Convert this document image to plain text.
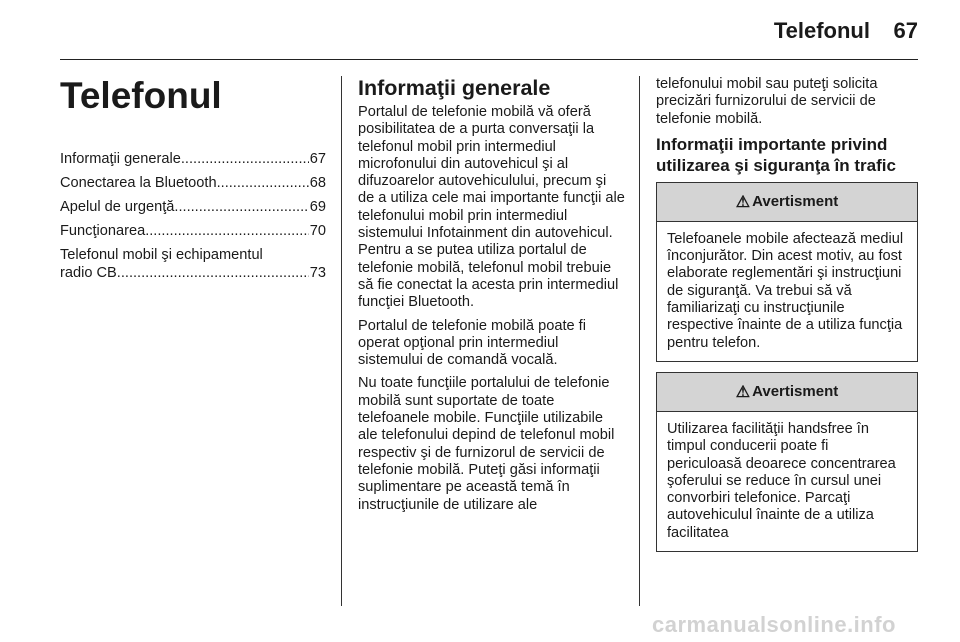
Telefonul 67
Telefonul
Informaţii generale .....	67
Conectarea la Bluetooth .....	68
Apelul de urgenţă .....	69
Funcţionarea .....	70
Telefonul mobil şi echipamentul
radio CB .....	73
Informaţii generale

Portalul de telefonie mobilă vă oferă posibilitatea de a purta conversaţii la telefonul mobil prin intermediul microfonului din autovehicul şi al difuzoarelor autovehiculului, precum şi de a utiliza cele mai importante funcţii ale telefonului mobil prin intermediul sistemului Infotainment din autovehicul. Pentru a se putea utiliza portalul de telefonie mobilă, telefonul mobil trebuie să fie conectat la acesta prin intermediul funcţiei Bluetooth.

Portalul de telefonie mobilă poate fi operat opţional prin intermediul sistemului de comandă vocală.

Nu toate funcţiile portalului de telefonie mobilă sunt suportate de toate telefoanele mobile. Funcţiile utilizabile ale telefonului depind de telefonul mobil respectiv şi de furnizorul de servicii de telefonie mobilă. Puteţi găsi informaţii suplimentare pe această temă în instrucţiunile de utilizare ale

telefonului mobil sau puteţi solicita precizări furnizorului de servicii de telefonie mobilă.

Informaţii importante privind utilizarea şi siguranţa în trafic
⚠ Avertisment
Telefoanele mobile afectează mediul înconjurător. Din acest motiv, au fost elaborate reglementări şi instrucţiuni de siguranţă. Va trebui să vă familiarizaţi cu instrucţiunile respective înainte de a utiliza funcţia pentru telefon.
⚠ Avertisment
Utilizarea facilităţii handsfree în timpul conducerii poate fi periculoasă deoarece concentrarea şoferului se reduce în cursul unei convorbiri telefonice. Parcaţi autovehiculul înainte de a utiliza facilitatea
carmanualsonline.info
